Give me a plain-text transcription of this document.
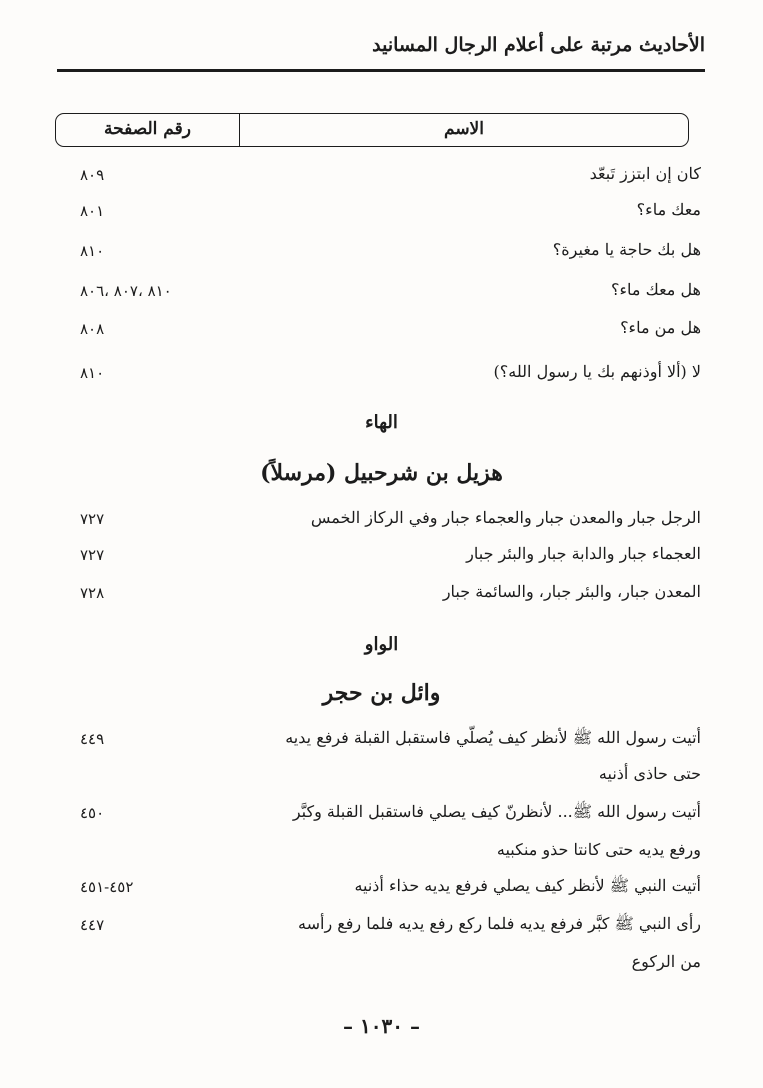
الأحاديث مرتبة على أعلام الرجال المسانيد
الاسم
رقم الصفحة
كان إن ابتزز تَبعّد
٨٠٩
معك ماء؟
٨٠١
هل بك حاجة يا مغيرة؟
٨١٠
هل معك ماء؟
٨١٠ ،٨٠٧ ،٨٠٦
هل من ماء؟
٨٠٨
لا (ألا أوذنهم بك يا رسول الله؟)
٨١٠
الهاء
هزيل بن شرحبيل (مرسلاً)
الرجل جبار والمعدن جبار والعجماء جبار وفي الركاز الخمس
٧٢٧
العجماء جبار والدابة جبار والبئر جبار
٧٢٧
المعدن جبار، والبئر جبار، والسائمة جبار
٧٢٨
الواو
وائل بن حجر
أتيت رسول الله ﷺ لأنظر كيف يُصلّي فاستقبل القبلة فرفع يديه
٤٤٩
حتى حاذى أذنيه
أتيت رسول الله ﷺ... لأنظرنّ كيف يصلي فاستقبل القبلة وكبَّر
٤٥٠
ورفع يديه حتى كانتا حذو منكبيه
أتيت النبي ﷺ لأنظر كيف يصلي فرفع يديه حذاء أذنيه
٤٥٢-٤٥١
رأى النبي ﷺ كبَّر فرفع يديه فلما ركع رفع يديه فلما رفع رأسه
٤٤٧
من الركوع
– ١٠٣٠ –
